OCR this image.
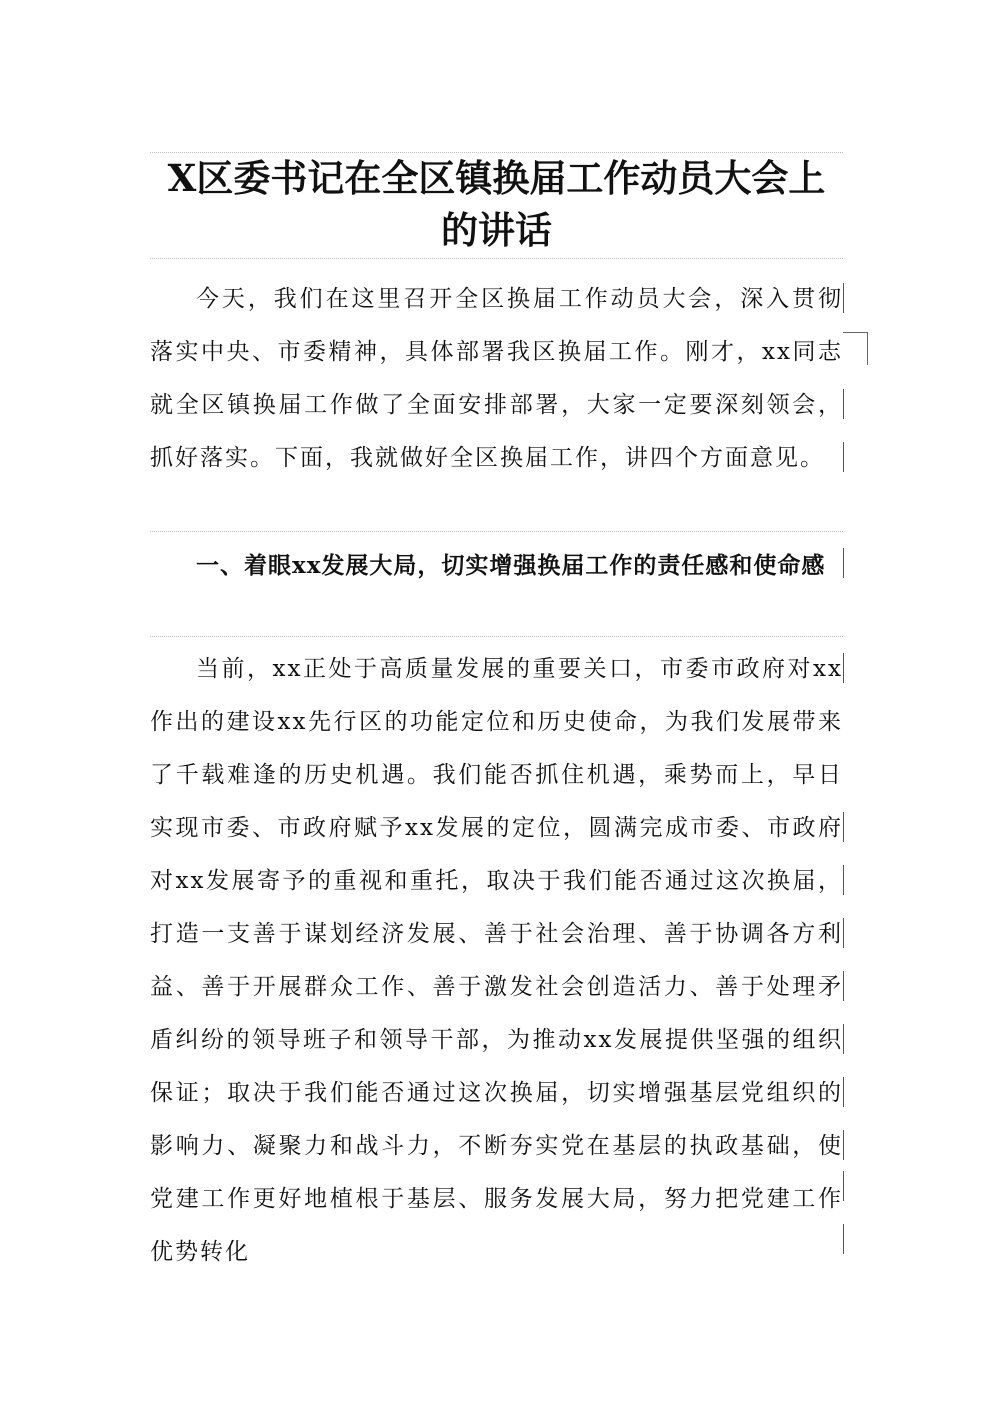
X区委书记在全区镇换届工作动员大会上的讲话
今天，我们在这里召开全区换届工作动员大会，深入贯彻落实中央、市委精神，具体部署我区换届工作。刚才，xx同志就全区镇换届工作做了全面安排部署，大家一定要深刻领会，抓好落实。下面，我就做好全区换届工作，讲四个方面意见。
一、着眼xx发展大局，切实增强换届工作的责任感和使命感
当前，xx正处于高质量发展的重要关口，市委市政府对xx作出的建设xx先行区的功能定位和历史使命，为我们发展带来了千载难逢的历史机遇。我们能否抓住机遇，乘势而上，早日实现市委、市政府赋予xx发展的定位，圆满完成市委、市政府对xx发展寄予的重视和重托，取决于我们能否通过这次换届，打造一支善于谋划经济发展、善于社会治理、善于协调各方利益、善于开展群众工作、善于激发社会创造活力、善于处理矛盾纠纷的领导班子和领导干部，为推动xx发展提供坚强的组织保证；取决于我们能否通过这次换届，切实增强基层党组织的影响力、凝聚力和战斗力，不断夯实党在基层的执政基础，使党建工作更好地植根于基层、服务发展大局，努力把党建工作优势转化
